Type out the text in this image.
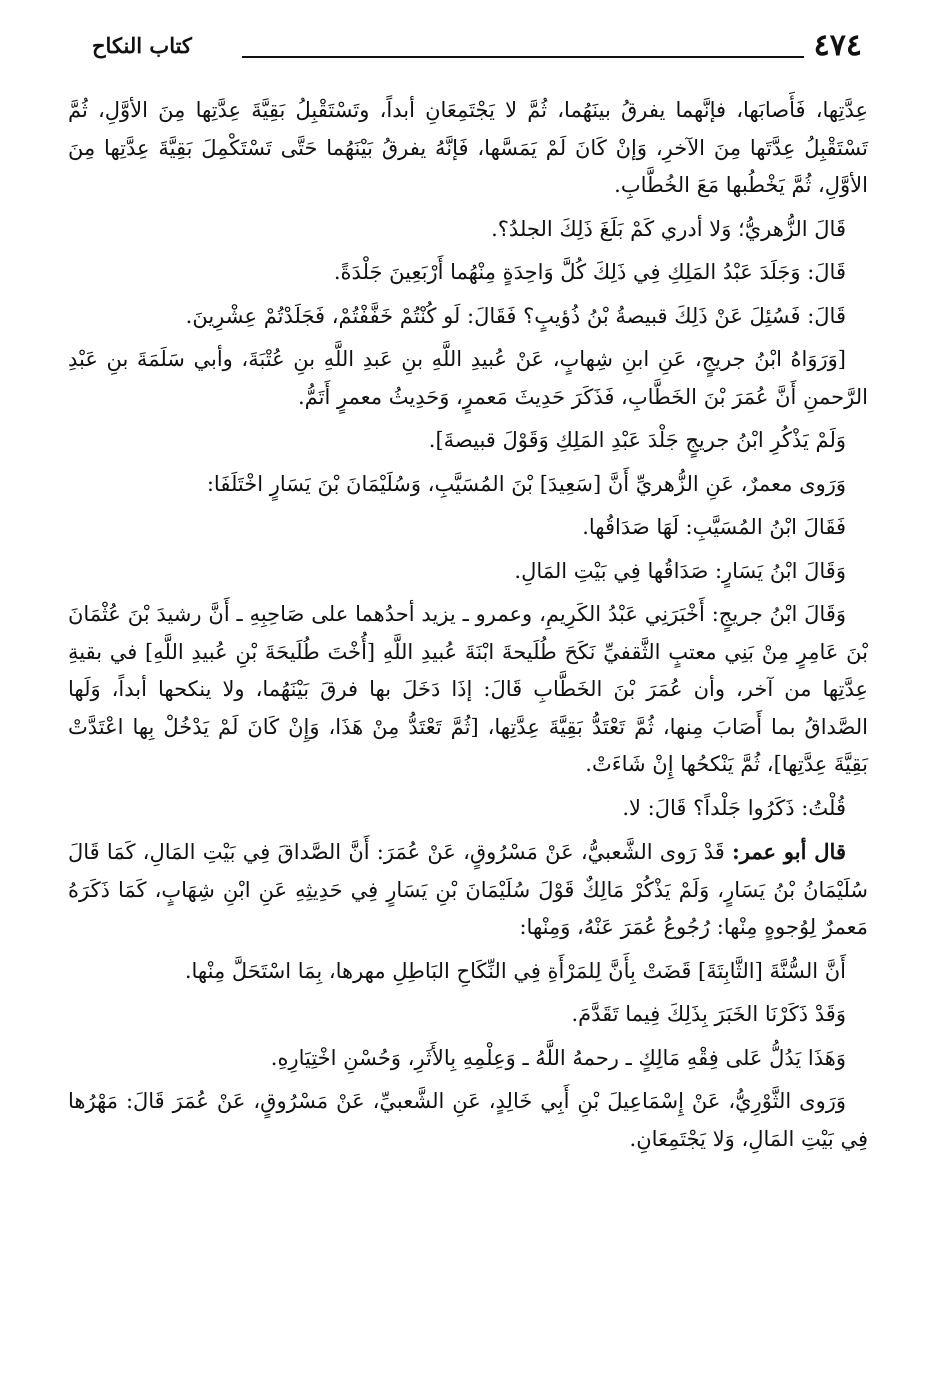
٤٧٤
كتاب النكاح

عِدَّتِها، فَأَصابَها، فإنَّهما يفرقُ بينَهُما، ثُمَّ لا يَجْتَمِعَانِ أبداً، وتَسْتَقْبِلُ بَقِيَّةَ عِدَّتِها مِنَ الأوَّلِ، ثُمَّ تَسْتَقْبِلُ عِدَّتَها مِنَ الآخرِ، وَإنْ كَانَ لَمْ يَمَسَّها، فَإنَّهُ يفرقُ بَيْنَهُما حَتَّى تَسْتَكْمِلَ بَقِيَّةَ عِدَّتِها مِنَ الأوَّلِ، ثُمَّ يَخْطُبها مَعَ الخُطَّابِ.

قَالَ الزُّهريُّ؛ وَلا أدري كَمْ بَلَغَ ذَلِكَ الجلدُ؟.

قَالَ: وَجَلَدَ عَبْدُ المَلِكِ فِي ذَلِكَ كُلَّ وَاحِدَةٍ مِنْهُما أَرْبَعِينَ جَلْدَةً.

قَالَ: فَسُئِلَ عَنْ ذَلِكَ قبيصةُ بْنُ ذُؤيبٍ؟ فَقَالَ: لَو كُنْتُمْ خَفَّفْتُمْ، فَجَلَدْتُمْ عِشْرِينَ.

[وَرَوَاهُ ابْنُ جريجٍ، عَنِ ابنِ شِهابٍ، عَنْ عُبيدِ اللَّهِ بنِ عَبدِ اللَّهِ بنِ عُتْبَةَ، وأبي سَلَمَةَ بنِ عَبْدِ الرَّحمنِ أَنَّ عُمَرَ بْنَ الخَطَّابِ، فَذَكَرَ حَدِيثَ مَعمرٍ، وَحَدِيثُ معمرٍ أَتَمُّ.

وَلَمْ يَذْكُرِ ابْنُ جريجٍ جَلْدَ عَبْدِ المَلِكِ وَقَوْلَ قبيصةَ].

وَرَوى معمرٌ، عَنِ الزُّهريِّ أَنَّ [سَعِيدَ] بْنَ المُسَيَّبِ، وَسُلَيْمَانَ بْنَ يَسَارٍ اخْتَلَفَا:

فَقَالَ ابْنُ المُسَيَّبِ: لَهَا صَدَاقُها.

وَقَالَ ابْنُ يَسَارٍ: صَدَاقُها فِي بَيْتِ المَالِ.

وَقَالَ ابْنُ جريجٍ: أَخْبَرَنِي عَبْدُ الكَرِيمِ، وعمرو ـ يزيد أحدُهما على صَاحِبِهِ ـ أَنَّ رشيدَ بْنَ عُثْمَانَ بْنَ عَامِرٍ مِنْ بَنِي معتبٍ الثَّقفيِّ نَكَحَ طُلَيحةَ ابْنَةَ عُبيدِ اللَّهِ [أُخْتَ طُلَيحَةَ بْنِ عُبيدِ اللَّهِ] في بقيةِ عِدَّتِها من آخر، وأن عُمَرَ بْنَ الخَطَّابِ قَالَ: إذَا دَخَلَ بها فرقَ بَيْنَهُما، ولا ينكحها أبداً، وَلَها الصَّداقُ بما أَصَابَ مِنها، ثُمَّ تَعْتَدُّ بَقِيَّةَ عِدَّتِها، [ثُمَّ تَعْتَدُّ مِنْ هَذَا، وَإِنْ كَانَ لَمْ يَدْخُلْ بِها اعْتَدَّتْ بَقِيَّةَ عِدَّتِها]، ثُمَّ يَنْكحُها إِنْ شَاءَتْ.

قُلْتُ: ذَكَرُوا جَلْداً؟ قَالَ: لا.

قال أبو عمر: قَدْ رَوى الشَّعبيُّ، عَنْ مَسْرُوقٍ، عَنْ عُمَرَ: أَنَّ الصَّداقَ فِي بَيْتِ المَالِ، كَمَا قَالَ سُلَيْمَانُ بْنُ يَسَارٍ، وَلَمْ يَذْكُرْ مَالِكٌ قَوْلَ سُلَيْمَانَ بْنِ يَسَارٍ فِي حَدِيثِهِ عَنِ ابْنِ شِهَابٍ، كَمَا ذَكَرَهُ مَعمرٌ لِوُجوهٍ مِنْها: رُجُوعُ عُمَرَ عَنْهُ، وَمِنْها:

أَنَّ السُّنَّةَ [الثَّابِتَةَ] قَضَتْ بِأَنَّ لِلمَرْأَةِ فِي النِّكَاحِ البَاطِلِ مهرها، بِمَا اسْتَحَلَّ مِنْها.

وَقَدْ ذَكَرْنَا الخَبَرَ بِذَلِكَ فِيما تَقَدَّمَ.

وَهَذَا يَدُلُّ عَلى فِقْهِ مَالِكٍ ـ رحمهُ اللَّهُ ـ وَعِلْمِهِ بِالأَثَرِ، وَحُسْنِ اخْتِيَارِهِ.

وَرَوى الثَّوْرِيُّ، عَنْ إِسْمَاعِيلَ بْنِ أَبِي خَالِدٍ، عَنِ الشَّعبيِّ، عَنْ مَسْرُوقٍ، عَنْ عُمَرَ قَالَ: مَهْرُها فِي بَيْتِ المَالِ، وَلا يَجْتَمِعَانِ.
